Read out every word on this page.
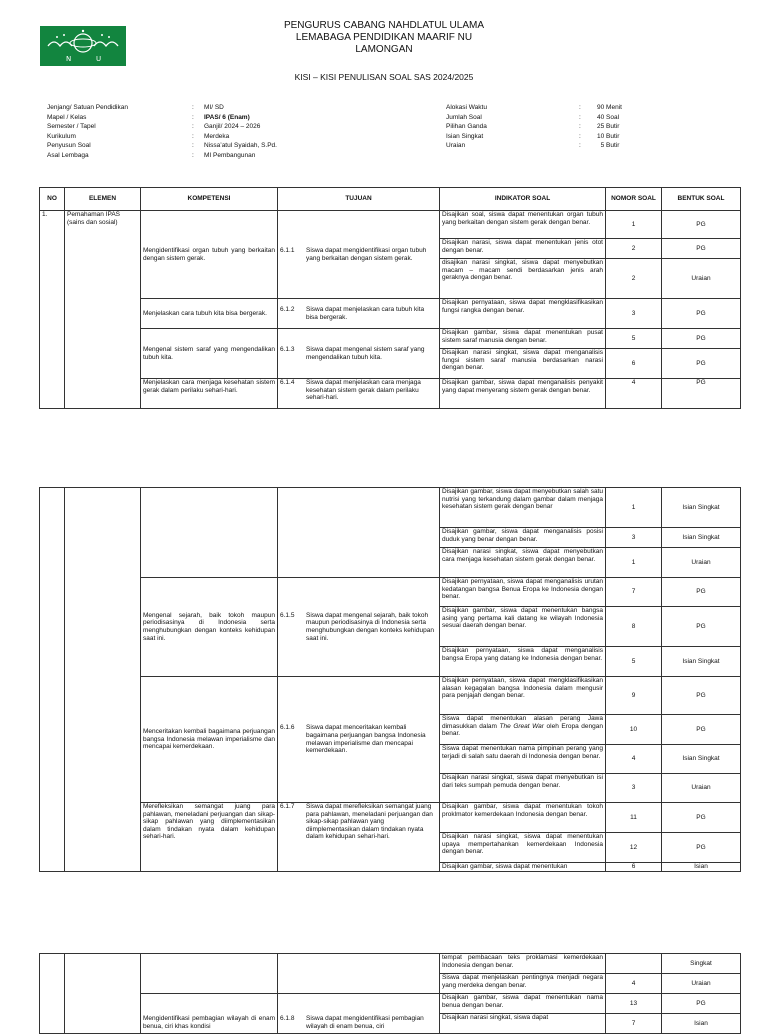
N	U
PENGURUS CABANG NAHDLATUL ULAMA
LEMABAGA PENDIDIKAN MAARIF NU
LAMONGAN
KISI – KISI PENULISAN SOAL SAS 2024/2025
Jenjang/ Satuan Pendidikan	:	MI/ SD
Mapel / Kelas	:	IPAS/ 6 (Enam)
Semester / Tapel	:	Ganjil/ 2024 – 2026
Kurikulum	:	Merdeka
Penyusun Soal	:	Nissa’atul Syaidah, S.Pd.
Asal Lembaga	:	MI Pembangunan
Alokasi Waktu	:	90 Menit
Jumlah Soal	:	40 Soal
Pilihan Ganda	:	25 Butir
Isian Singkat	:	10 Butir
Uraian	:	5 Butir
NO	ELEMEN	KOMPETENSI	TUJUAN	INDIKATOR SOAL	NOMOR SOAL	BENTUK SOAL
1.	Pemahaman IPAS (sains dan sosial)	Mengidentifikasi organ tubuh yang berkaitan dengan sistem gerak.	6.1.1 Siswa dapat mengidentifikasi organ tubuh yang berkaitan dengan sistem gerak.	Disajikan soal, siswa dapat menentukan organ tubuh yang berkaitan dengan sistem gerak dengan benar.	1	PG
				Disajikan narasi, siswa dapat menentukan jenis otot dengan benar.	2	PG
				disajikan narasi singkat, siswa dapat menyebutkan macam – macam sendi berdasarkan jenis arah geraknya dengan benar.	2	Uraian
		Menjelaskan cara tubuh kita bisa bergerak.	6.1.2 Siswa dapat menjelaskan cara tubuh kita bisa bergerak.	Disajikan pernyataan, siswa dapat mengklasifikasikan fungsi rangka dengan benar.	3	PG
		Mengenal sistem saraf yang mengendalikan tubuh kita.	6.1.3 Siswa dapat mengenal sistem saraf yang mengendalikan tubuh kita.	Disajikan gambar, siswa dapat menentukan pusat sistem saraf manusia dengan benar.	5	PG
				Disajikan narasi singkat, siswa dapat menganalisis fungsi sistem saraf manusia berdasarkan narasi dengan benar.	6	PG
		Menjelaskan cara menjaga kesehatan sistem gerak dalam perilaku sehari-hari.	6.1.4 Siswa dapat menjelaskan cara menjaga kesehatan sistem gerak dalam perilaku sehari-hari.	Disajikan gambar, siswa dapat menganalisis penyakit yang dapat menyerang sistem gerak dengan benar.	4	PG
				Disajikan gambar, siswa dapat menyebutkan salah satu nutrisi yang terkandung dalam gambar dalam menjaga kesehatan sistem gerak dengan benar	1	Isian Singkat
				Disajikan gambar, siswa dapat menganalisis posisi duduk yang benar dengan benar.	3	Isian Singkat
				Disajikan narasi singkat, siswa dapat menyebutkan cara menjaga kesehatan sistem gerak dengan benar.	1	Uraian
		Mengenal sejarah, baik tokoh maupun periodisasinya di Indonesia serta menghubungkan dengan konteks kehidupan saat ini.	6.1.5 Siswa dapat mengenal sejarah, baik tokoh maupun periodisasinya di Indonesia serta menghubungkan dengan konteks kehidupan saat ini.	Disajikan pernyataan, siswa dapat menganalisis urutan kedatangan bangsa Benua Eropa ke Indonesia dengan benar.	7	PG
				Disajikan gambar, siswa dapat menentukan bangsa asing yang pertama kali datang ke wilayah Indonesia sesuai daerah dengan benar.	8	PG
				Disajikan pernyataan, siswa dapat menganalisis bangsa Eropa yang datang ke Indonesia dengan benar.	5	Isian Singkat
		Menceritakan kembali bagaimana perjuangan bangsa Indonesia melawan imperialisme dan mencapai kemerdekaan.	6.1.6 Siswa dapat menceritakan kembali bagaimana perjuangan bangsa Indonesia melawan imperialisme dan mencapai kemerdekaan.	Disajikan pernyataan, siswa dapat mengklasifikasikan alasan kegagalan bangsa Indonesia dalam mengusir para penjajah dengan benar.	9	PG
				Siswa dapat menentukan alasan perang Jawa dimasukkan dalam The Great War oleh Eropa dengan benar.	10	PG
				Siswa dapat menentukan nama pimpinan perang yang terjadi di salah satu daerah di Indonesia dengan benar.	4	Isian Singkat
				Disajikan narasi singkat, siswa dapat menyebutkan isi dari teks sumpah pemuda dengan benar.	3	Uraian
		Merefleksikan semangat juang para pahlawan, meneladani perjuangan dan sikap-sikap pahlawan yang diimplementasikan dalam tindakan nyata dalam kehidupan sehari-hari.	6.1.7 Siswa dapat merefleksikan semangat juang para pahlawan, meneladani perjuangan dan sikap-sikap pahlawan yang diimplementasikan dalam tindakan nyata dalam kehidupan sehari-hari.	Disajikan gambar, siswa dapat menentukan tokoh proklmator kemerdekaan Indonesia dengan benar.	11	PG
				Disajikan narasi singkat, siswa dapat menentukan upaya mempertahankan kemerdekaan Indonesia dengan benar.	12	PG
				Disajikan gambar, siswa dapat menentukan	6	Isian
				tempat pembacaan teks proklamasi kemerdekaan Indonesia dengan benar.		Singkat
				Siswa dapat menjelaskan pentingnya menjadi negara yang merdeka dengan benar.	4	Uraian
		Mengidentifikasi pembagian wilayah di enam benua, ciri khas kondisi	6.1.8 Siswa dapat mengidentifikasi pembagian wilayah di enam benua, ciri	Disajikan gambar, siswa dapat menentukan nama benua dengan benar.	13	PG
				Disajikan narasi singkat, siswa dapat	7	Isian
